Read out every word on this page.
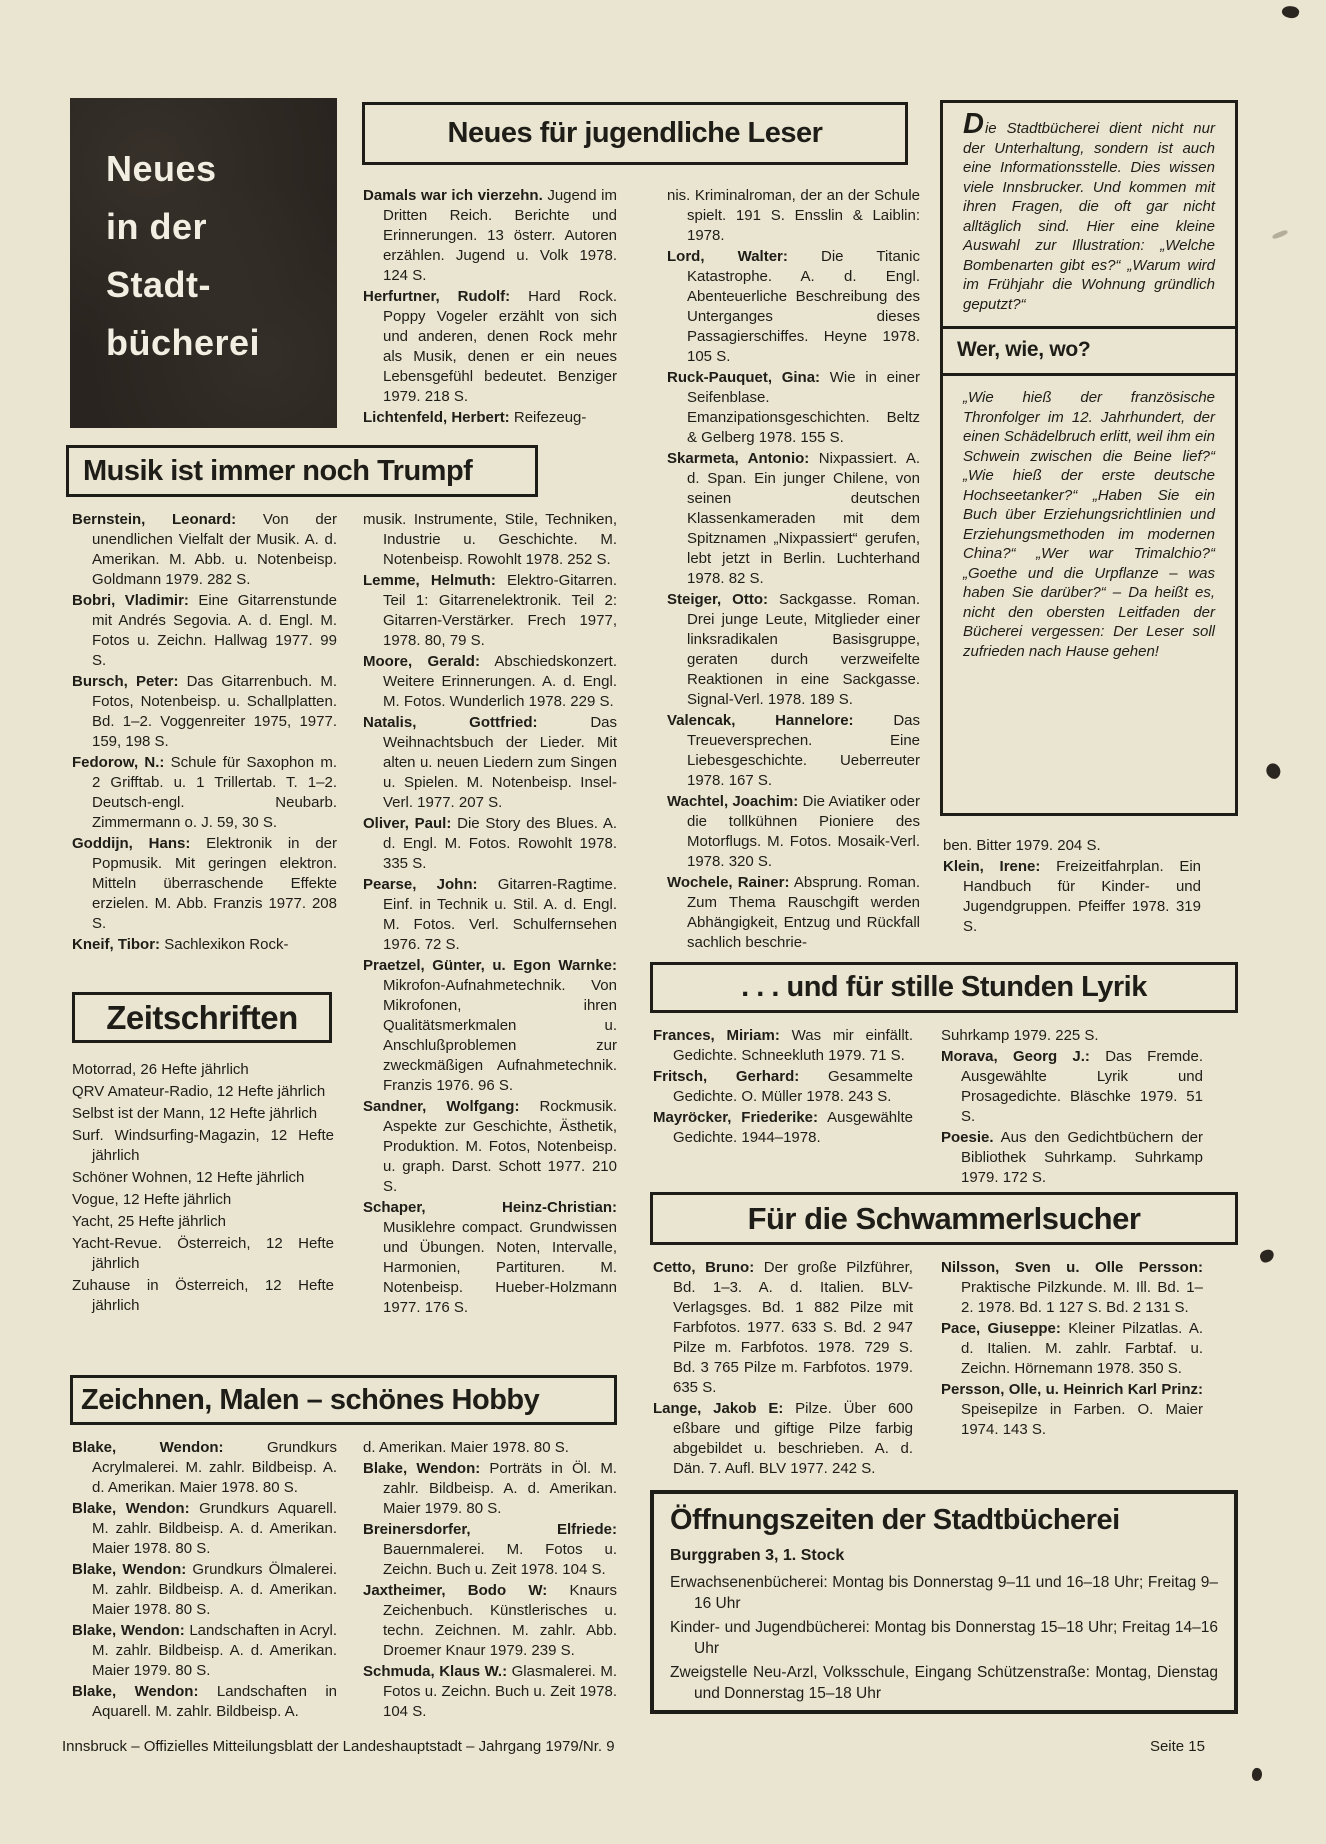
Neues
in der
Stadt-
bücherei
Neues für jugendliche Leser
Musik ist immer noch Trumpf
Zeitschriften
. . . und für stille Stunden Lyrik
Für die Schwammerlsucher
Zeichnen, Malen – schönes Hobby

Damals war ich vierzehn. Jugend im Dritten Reich. Berichte und Erinnerungen. 13 österr. Autoren erzählen. Jugend u. Volk 1978. 124 S.

Herfurtner, Rudolf: Hard Rock. Poppy Vogeler erzählt von sich und anderen, denen Rock mehr als Musik, denen er ein neues Lebensgefühl bedeutet. Benziger 1979. 218 S.

Lichtenfeld, Herbert: Reifezeug-

nis. Kriminalroman, der an der Schule spielt. 191 S. Ensslin & Laiblin: 1978.

Lord, Walter: Die Titanic Katastrophe. A. d. Engl. Abenteuerliche Beschreibung des Unterganges dieses Passagierschiffes. Heyne 1978. 105 S.

Ruck-Pauquet, Gina: Wie in einer Seifenblase. Emanzipationsgeschichten. Beltz & Gelberg 1978. 155 S.

Skarmeta, Antonio: Nixpassiert. A. d. Span. Ein junger Chilene, von seinen deutschen Klassenkameraden mit dem Spitznamen „Nixpassiert“ gerufen, lebt jetzt in Berlin. Luchterhand 1978. 82 S.

Steiger, Otto: Sackgasse. Roman. Drei junge Leute, Mitglieder einer linksradikalen Basisgruppe, geraten durch verzweifelte Reaktionen in eine Sackgasse. Signal-Verl. 1978. 189 S.

Valencak, Hannelore: Das Treueversprechen. Eine Liebesgeschichte. Ueberreuter 1978. 167 S.

Wachtel, Joachim: Die Aviatiker oder die tollkühnen Pioniere des Motorflugs. M. Fotos. Mosaik-Verl. 1978. 320 S.

Wochele, Rainer: Absprung. Roman. Zum Thema Rauschgift werden Abhängigkeit, Entzug und Rückfall sachlich beschrie-

Die Stadtbücherei dient nicht nur der Unterhaltung, sondern ist auch eine Informationsstelle. Dies wissen viele Innsbrucker. Und kommen mit ihren Fragen, die oft gar nicht alltäglich sind. Hier eine kleine Auswahl zur Illustration: „Welche Bombenarten gibt es?“ „Warum wird im Frühjahr die Wohnung gründlich geputzt?“

Wer, wie, wo?

„Wie hieß der französische Thronfolger im 12. Jahrhundert, der einen Schädelbruch erlitt, weil ihm ein Schwein zwischen die Beine lief?“ „Wie hieß der erste deutsche Hochseetanker?“ „Haben Sie ein Buch über Erziehungsrichtlinien und Erziehungsmethoden im modernen China?“ „Wer war Trimalchio?“ „Goethe und die Urpflanze – was haben Sie darüber?“ – Da heißt es, nicht den obersten Leitfaden der Bücherei vergessen: Der Leser soll zufrieden nach Hause gehen!

ben. Bitter 1979. 204 S.

Klein, Irene: Freizeitfahrplan. Ein Handbuch für Kinder- und Jugendgruppen. Pfeiffer 1978. 319 S.

Bernstein, Leonard: Von der unendlichen Vielfalt der Musik. A. d. Amerikan. M. Abb. u. Notenbeisp. Goldmann 1979. 282 S.

Bobri, Vladimir: Eine Gitarrenstunde mit Andrés Segovia. A. d. Engl. M. Fotos u. Zeichn. Hallwag 1977. 99 S.

Bursch, Peter: Das Gitarrenbuch. M. Fotos, Notenbeisp. u. Schallplatten. Bd. 1–2. Voggenreiter 1975, 1977. 159, 198 S.

Fedorow, N.: Schule für Saxophon m. 2 Grifftab. u. 1 Trillertab. T. 1–2. Deutsch-engl. Neubarb. Zimmermann o. J. 59, 30 S.

Goddijn, Hans: Elektronik in der Popmusik. Mit geringen elektron. Mitteln überraschende Effekte erzielen. M. Abb. Franzis 1977. 208 S.

Kneif, Tibor: Sachlexikon Rock-

musik. Instrumente, Stile, Techniken, Industrie u. Geschichte. M. Notenbeisp. Rowohlt 1978. 252 S.

Lemme, Helmuth: Elektro-Gitarren. Teil 1: Gitarrenelektronik. Teil 2: Gitarren-Verstärker. Frech 1977, 1978. 80, 79 S.

Moore, Gerald: Abschiedskonzert. Weitere Erinnerungen. A. d. Engl. M. Fotos. Wunderlich 1978. 229 S.

Natalis, Gottfried: Das Weihnachtsbuch der Lieder. Mit alten u. neuen Liedern zum Singen u. Spielen. M. Notenbeisp. Insel-Verl. 1977. 207 S.

Oliver, Paul: Die Story des Blues. A. d. Engl. M. Fotos. Rowohlt 1978. 335 S.

Pearse, John: Gitarren-Ragtime. Einf. in Technik u. Stil. A. d. Engl. M. Fotos. Verl. Schulfernsehen 1976. 72 S.

Praetzel, Günter, u. Egon Warnke: Mikrofon-Aufnahmetechnik. Von Mikrofonen, ihren Qualitätsmerkmalen u. Anschlußproblemen zur zweckmäßigen Aufnahmetechnik. Franzis 1976. 96 S.

Sandner, Wolfgang: Rockmusik. Aspekte zur Geschichte, Ästhetik, Produktion. M. Fotos, Notenbeisp. u. graph. Darst. Schott 1977. 210 S.

Schaper, Heinz-Christian: Musiklehre compact. Grundwissen und Übungen. Noten, Intervalle, Harmonien, Partituren. M. Notenbeisp. Hueber-Holzmann 1977. 176 S.

Motorrad, 26 Hefte jährlich

QRV Amateur-Radio, 12 Hefte jährlich

Selbst ist der Mann, 12 Hefte jährlich

Surf. Windsurfing-Magazin, 12 Hefte jährlich

Schöner Wohnen, 12 Hefte jährlich

Vogue, 12 Hefte jährlich

Yacht, 25 Hefte jährlich

Yacht-Revue. Österreich, 12 Hefte jährlich

Zuhause in Österreich, 12 Hefte jährlich

Frances, Miriam: Was mir einfällt. Gedichte. Schneekluth 1979. 71 S.

Fritsch, Gerhard: Gesammelte Gedichte. O. Müller 1978. 243 S.

Mayröcker, Friederike: Ausgewählte Gedichte. 1944–1978.

Suhrkamp 1979. 225 S.

Morava, Georg J.: Das Fremde. Ausgewählte Lyrik und Prosagedichte. Bläschke 1979. 51 S.

Poesie. Aus den Gedichtbüchern der Bibliothek Suhrkamp. Suhrkamp 1979. 172 S.

Cetto, Bruno: Der große Pilzführer, Bd. 1–3. A. d. Italien. BLV-Verlagsges. Bd. 1 882 Pilze mit Farbfotos. 1977. 633 S. Bd. 2 947 Pilze m. Farbfotos. 1978. 729 S. Bd. 3 765 Pilze m. Farbfotos. 1979. 635 S.

Lange, Jakob E: Pilze. Über 600 eßbare und giftige Pilze farbig abgebildet u. beschrieben. A. d. Dän. 7. Aufl. BLV 1977. 242 S.

Nilsson, Sven u. Olle Persson: Praktische Pilzkunde. M. Ill. Bd. 1–2. 1978. Bd. 1 127 S. Bd. 2 131 S.

Pace, Giuseppe: Kleiner Pilzatlas. A. d. Italien. M. zahlr. Farbtaf. u. Zeichn. Hörnemann 1978. 350 S.

Persson, Olle, u. Heinrich Karl Prinz: Speisepilze in Farben. O. Maier 1974. 143 S.

Blake, Wendon: Grundkurs Acrylmalerei. M. zahlr. Bildbeisp. A. d. Amerikan. Maier 1978. 80 S.

Blake, Wendon: Grundkurs Aquarell. M. zahlr. Bildbeisp. A. d. Amerikan. Maier 1978. 80 S.

Blake, Wendon: Grundkurs Ölmalerei. M. zahlr. Bildbeisp. A. d. Amerikan. Maier 1978. 80 S.

Blake, Wendon: Landschaften in Acryl. M. zahlr. Bildbeisp. A. d. Amerikan. Maier 1979. 80 S.

Blake, Wendon: Landschaften in Aquarell. M. zahlr. Bildbeisp. A.

d. Amerikan. Maier 1978. 80 S.

Blake, Wendon: Porträts in Öl. M. zahlr. Bildbeisp. A. d. Amerikan. Maier 1979. 80 S.

Breinersdorfer, Elfriede: Bauernmalerei. M. Fotos u. Zeichn. Buch u. Zeit 1978. 104 S.

Jaxtheimer, Bodo W: Knaurs Zeichenbuch. Künstlerisches u. techn. Zeichnen. M. zahlr. Abb. Droemer Knaur 1979. 239 S.

Schmuda, Klaus W.: Glasmalerei. M. Fotos u. Zeichn. Buch u. Zeit 1978. 104 S.

Öffnungszeiten der Stadtbücherei
Burggraben 3, 1. Stock

Erwachsenenbücherei: Montag bis Donnerstag 9–11 und 16–18 Uhr; Freitag 9–16 Uhr

Kinder- und Jugendbücherei: Montag bis Donnerstag 15–18 Uhr; Freitag 14–16 Uhr

Zweigstelle Neu-Arzl, Volksschule, Eingang Schützenstraße: Montag, Dienstag und Donnerstag 15–18 Uhr

Innsbruck – Offizielles Mitteilungsblatt der Landeshauptstadt – Jahrgang 1979/Nr. 9	Seite 15
